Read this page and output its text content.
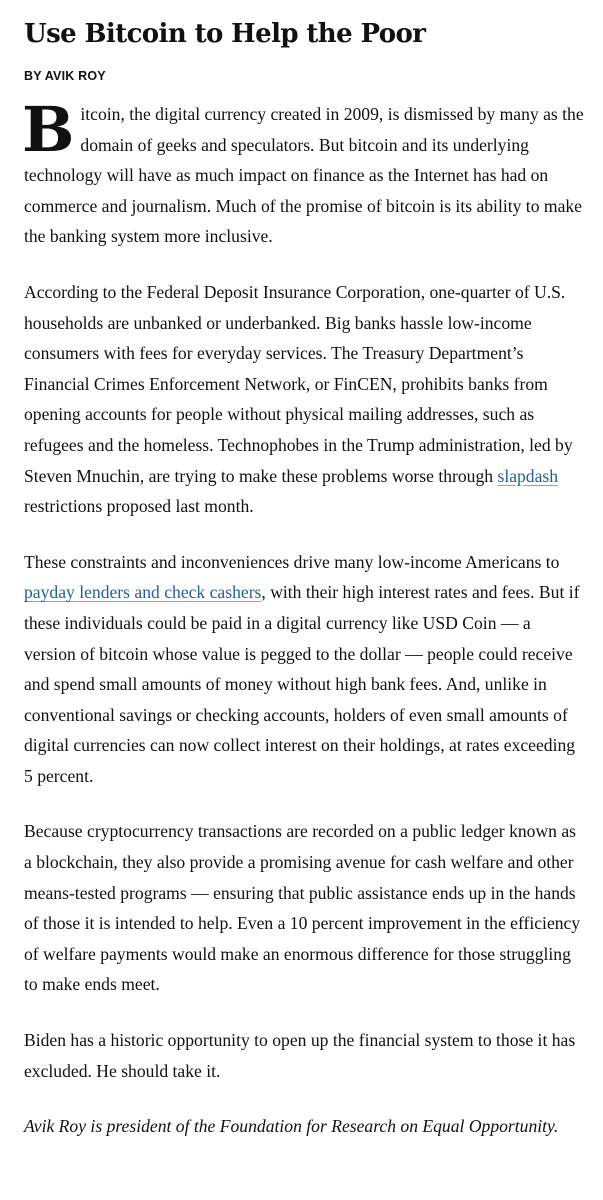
Use Bitcoin to Help the Poor
BY AVIK ROY

Bitcoin, the digital currency created in 2009, is dismissed by many as the domain of geeks and speculators. But bitcoin and its underlying technology will have as much impact on finance as the Internet has had on commerce and journalism. Much of the promise of bitcoin is its ability to make the banking system more inclusive.

According to the Federal Deposit Insurance Corporation, one-quarter of U.S. households are unbanked or underbanked. Big banks hassle low-income consumers with fees for everyday services. The Treasury Department’s Financial Crimes Enforcement Network, or FinCEN, prohibits banks from opening accounts for people without physical mailing addresses, such as refugees and the homeless. Technophobes in the Trump administration, led by Steven Mnuchin, are trying to make these problems worse through slapdash restrictions proposed last month.

These constraints and inconveniences drive many low-income Americans to payday lenders and check cashers, with their high interest rates and fees. But if these individuals could be paid in a digital currency like USD Coin — a version of bitcoin whose value is pegged to the dollar — people could receive and spend small amounts of money without high bank fees. And, unlike in conventional savings or checking accounts, holders of even small amounts of digital currencies can now collect interest on their holdings, at rates exceeding 5 percent.

Because cryptocurrency transactions are recorded on a public ledger known as a blockchain, they also provide a promising avenue for cash welfare and other means-tested programs — ensuring that public assistance ends up in the hands of those it is intended to help. Even a 10 percent improvement in the efficiency of welfare payments would make an enormous difference for those struggling to make ends meet.

Biden has a historic opportunity to open up the financial system to those it has excluded. He should take it.

Avik Roy is president of the Foundation for Research on Equal Opportunity.
